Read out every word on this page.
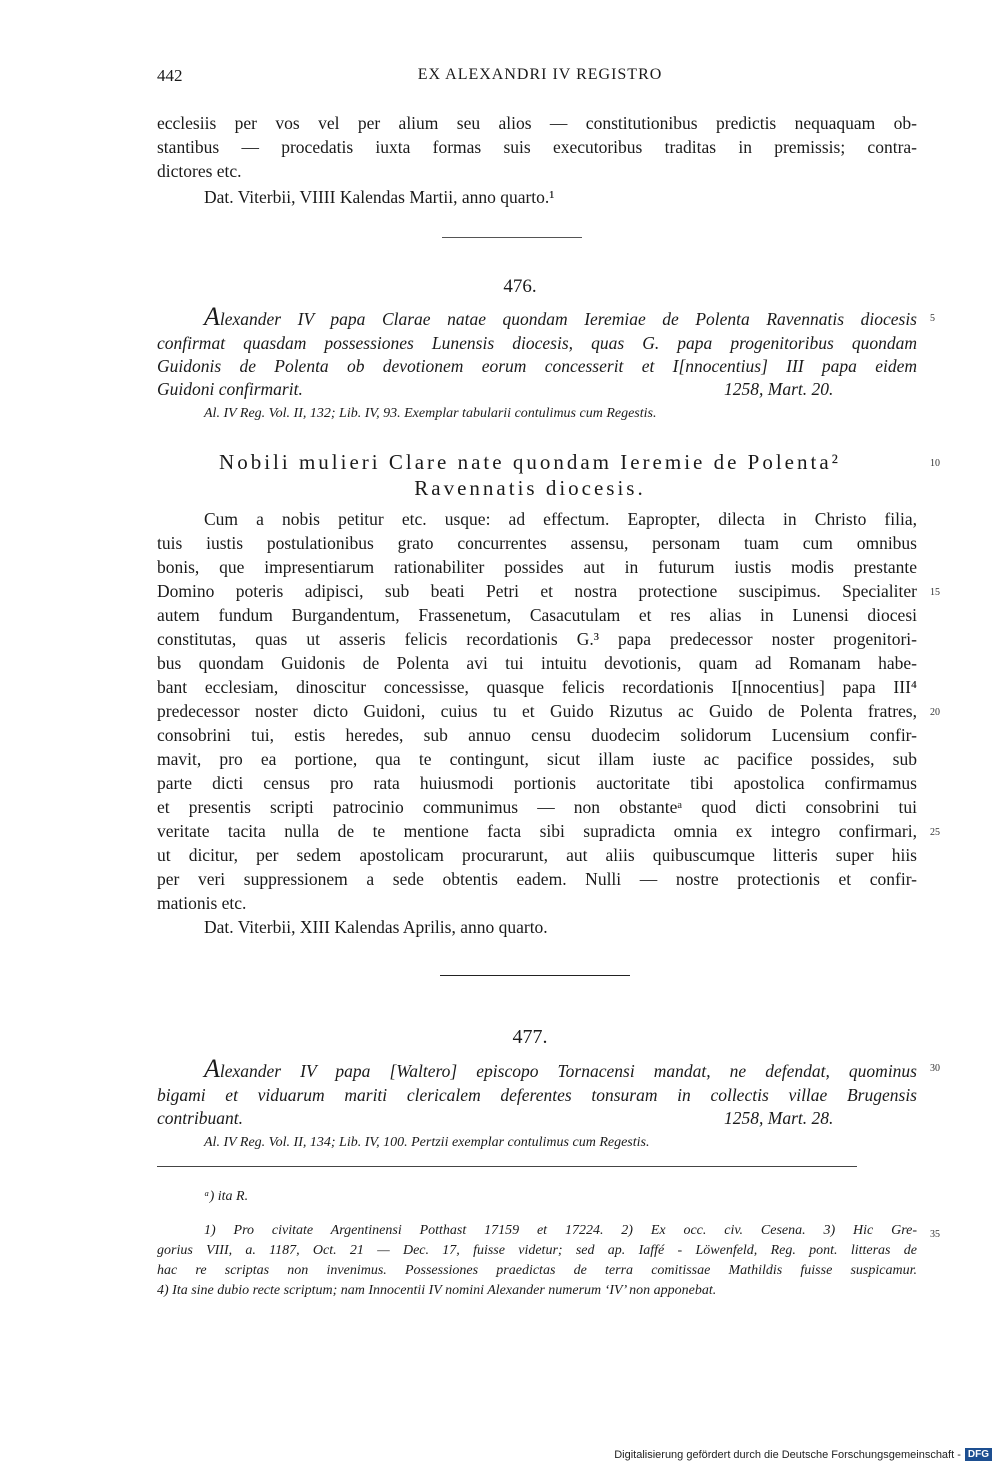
442	EX ALEXANDRI IV REGISTRO
ecclesiis per vos vel per alium seu alios — constitutionibus predictis nequaquam ob-
stantibus — procedatis iuxta formas suis executoribus traditas in premissis; contra-
dictores etc.
Dat. Viterbii, VIIII Kalendas Martii, anno quarto.¹
476.
Alexander IV papa Clarae natae quondam Ieremiae de Polenta Ravennatis diocesis
confirmat quasdam possessiones Lunensis diocesis, quas G. papa progenitoribus quondam
Guidonis de Polenta ob devotionem eorum concesserit et I[nnocentius] III papa eidem
Guidoni confirmarit.	1258, Mart. 20.
Al. IV Reg. Vol. II, 132; Lib. IV, 93. Exemplar tabularii contulimus cum Regestis.
Nobili mulieri Clare nate quondam Ieremie de Polenta²
Ravennatis diocesis.
Cum a nobis petitur etc. usque: ad effectum. Eapropter, dilecta in Christo filia,
tuis iustis postulationibus grato concurrentes assensu, personam tuam cum omnibus
bonis, que impresentiarum rationabiliter possides aut in futurum iustis modis prestante
Domino poteris adipisci, sub beati Petri et nostra protectione suscipimus. Specialiter
autem fundum Burgandentum, Frassenetum, Casacutulam et res alias in Lunensi diocesi
constitutas, quas ut asseris felicis recordationis G.³ papa predecessor noster progenitori-
bus quondam Guidonis de Polenta avi tui intuitu devotionis, quam ad Romanam habe-
bant ecclesiam, dinoscitur concessisse, quasque felicis recordationis I[nnocentius] papa III⁴
predecessor noster dicto Guidoni, cuius tu et Guido Rizutus ac Guido de Polenta fratres,
consobrini tui, estis heredes, sub annuo censu duodecim solidorum Lucensium confir-
mavit, pro ea portione, qua te contingunt, sicut illam iuste ac pacifice possides, sub
parte dicti census pro rata huiusmodi portionis auctoritate tibi apostolica confirmamus
et presentis scripti patrocinio communimus — non obstanteᵃ quod dicti consobrini tui
veritate tacita nulla de te mentione facta sibi supradicta omnia ex integro confirmari,
ut dicitur, per sedem apostolicam procurarunt, aut aliis quibuscumque litteris super hiis
per veri suppressionem a sede obtentis eadem. Nulli — nostre protectionis et confir-
mationis etc.
Dat. Viterbii, XIII Kalendas Aprilis, anno quarto.
477.
Alexander IV papa [Waltero] episcopo Tornacensi mandat, ne defendat, quominus
bigami et viduarum mariti clericalem deferentes tonsuram in collectis villae Brugensis
contribuant.	1258, Mart. 28.
Al. IV Reg. Vol. II, 134; Lib. IV, 100. Pertzii exemplar contulimus cum Regestis.
ᵃ) ita R.
1) Pro civitate Argentinensi Potthast 17159 et 17224. 2) Ex occ. civ. Cesena. 3) Hic Gre-
gorius VIII, a. 1187, Oct. 21 — Dec. 17, fuisse videtur; sed ap. Iaffé - Löwenfeld, Reg. pont. litteras de
hac re scriptas non invenimus. Possessiones praedictas de terra comitissae Mathildis fuisse suspicamur.
4) Ita sine dubio recte scriptum; nam Innocentii IV nomini Alexander numerum ‘IV’ non apponebat.
5
10
15
20
25
30
35
Digitalisierung gefördert durch die Deutsche Forschungsgemeinschaft - DFG
